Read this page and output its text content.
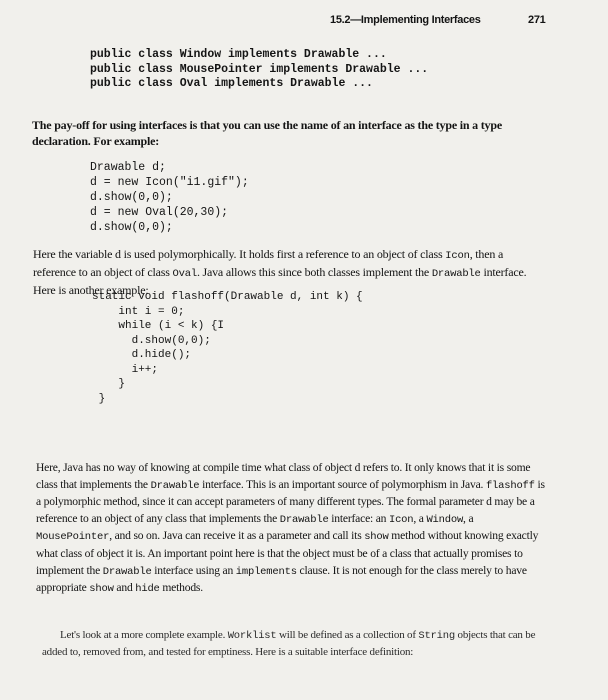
15.2—Implementing Interfaces	271
public class Window implements Drawable ...
public class MousePointer implements Drawable ...
public class Oval implements Drawable ...
The pay-off for using interfaces is that you can use the name of an interface as the type in a type declaration. For example:
Drawable d;
d = new Icon("i1.gif");
d.show(0,0);
d = new Oval(20,30);
d.show(0,0);
Here the variable d is used polymorphically. It holds first a reference to an object of class Icon, then a reference to an object of class Oval. Java allows this since both classes implement the Drawable interface. Here is another example:
static void flashoff(Drawable d, int k) {
int i = 0;
while (i < k) {I
d.show(0,0);
d.hide();
i++;
}
}
Here, Java has no way of knowing at compile time what class of object d refers to. It only knows that it is some class that implements the Drawable interface. This is an important source of polymorphism in Java. flashoff is a polymorphic method, since it can accept parameters of many different types. The formal parameter d may be a reference to an object of any class that implements the Drawable interface: an Icon, a Window, a MousePointer, and so on. Java can receive it as a parameter and call its show method without knowing exactly what class of object it is. An important point here is that the object must be of a class that actually promises to implement the Drawable interface using an implements clause. It is not enough for the class merely to have appropriate show and hide methods.
Let's look at a more complete example. Worklist will be defined as a collection of String objects that can be added to, removed from, and tested for emptiness. Here is a suitable interface definition:
